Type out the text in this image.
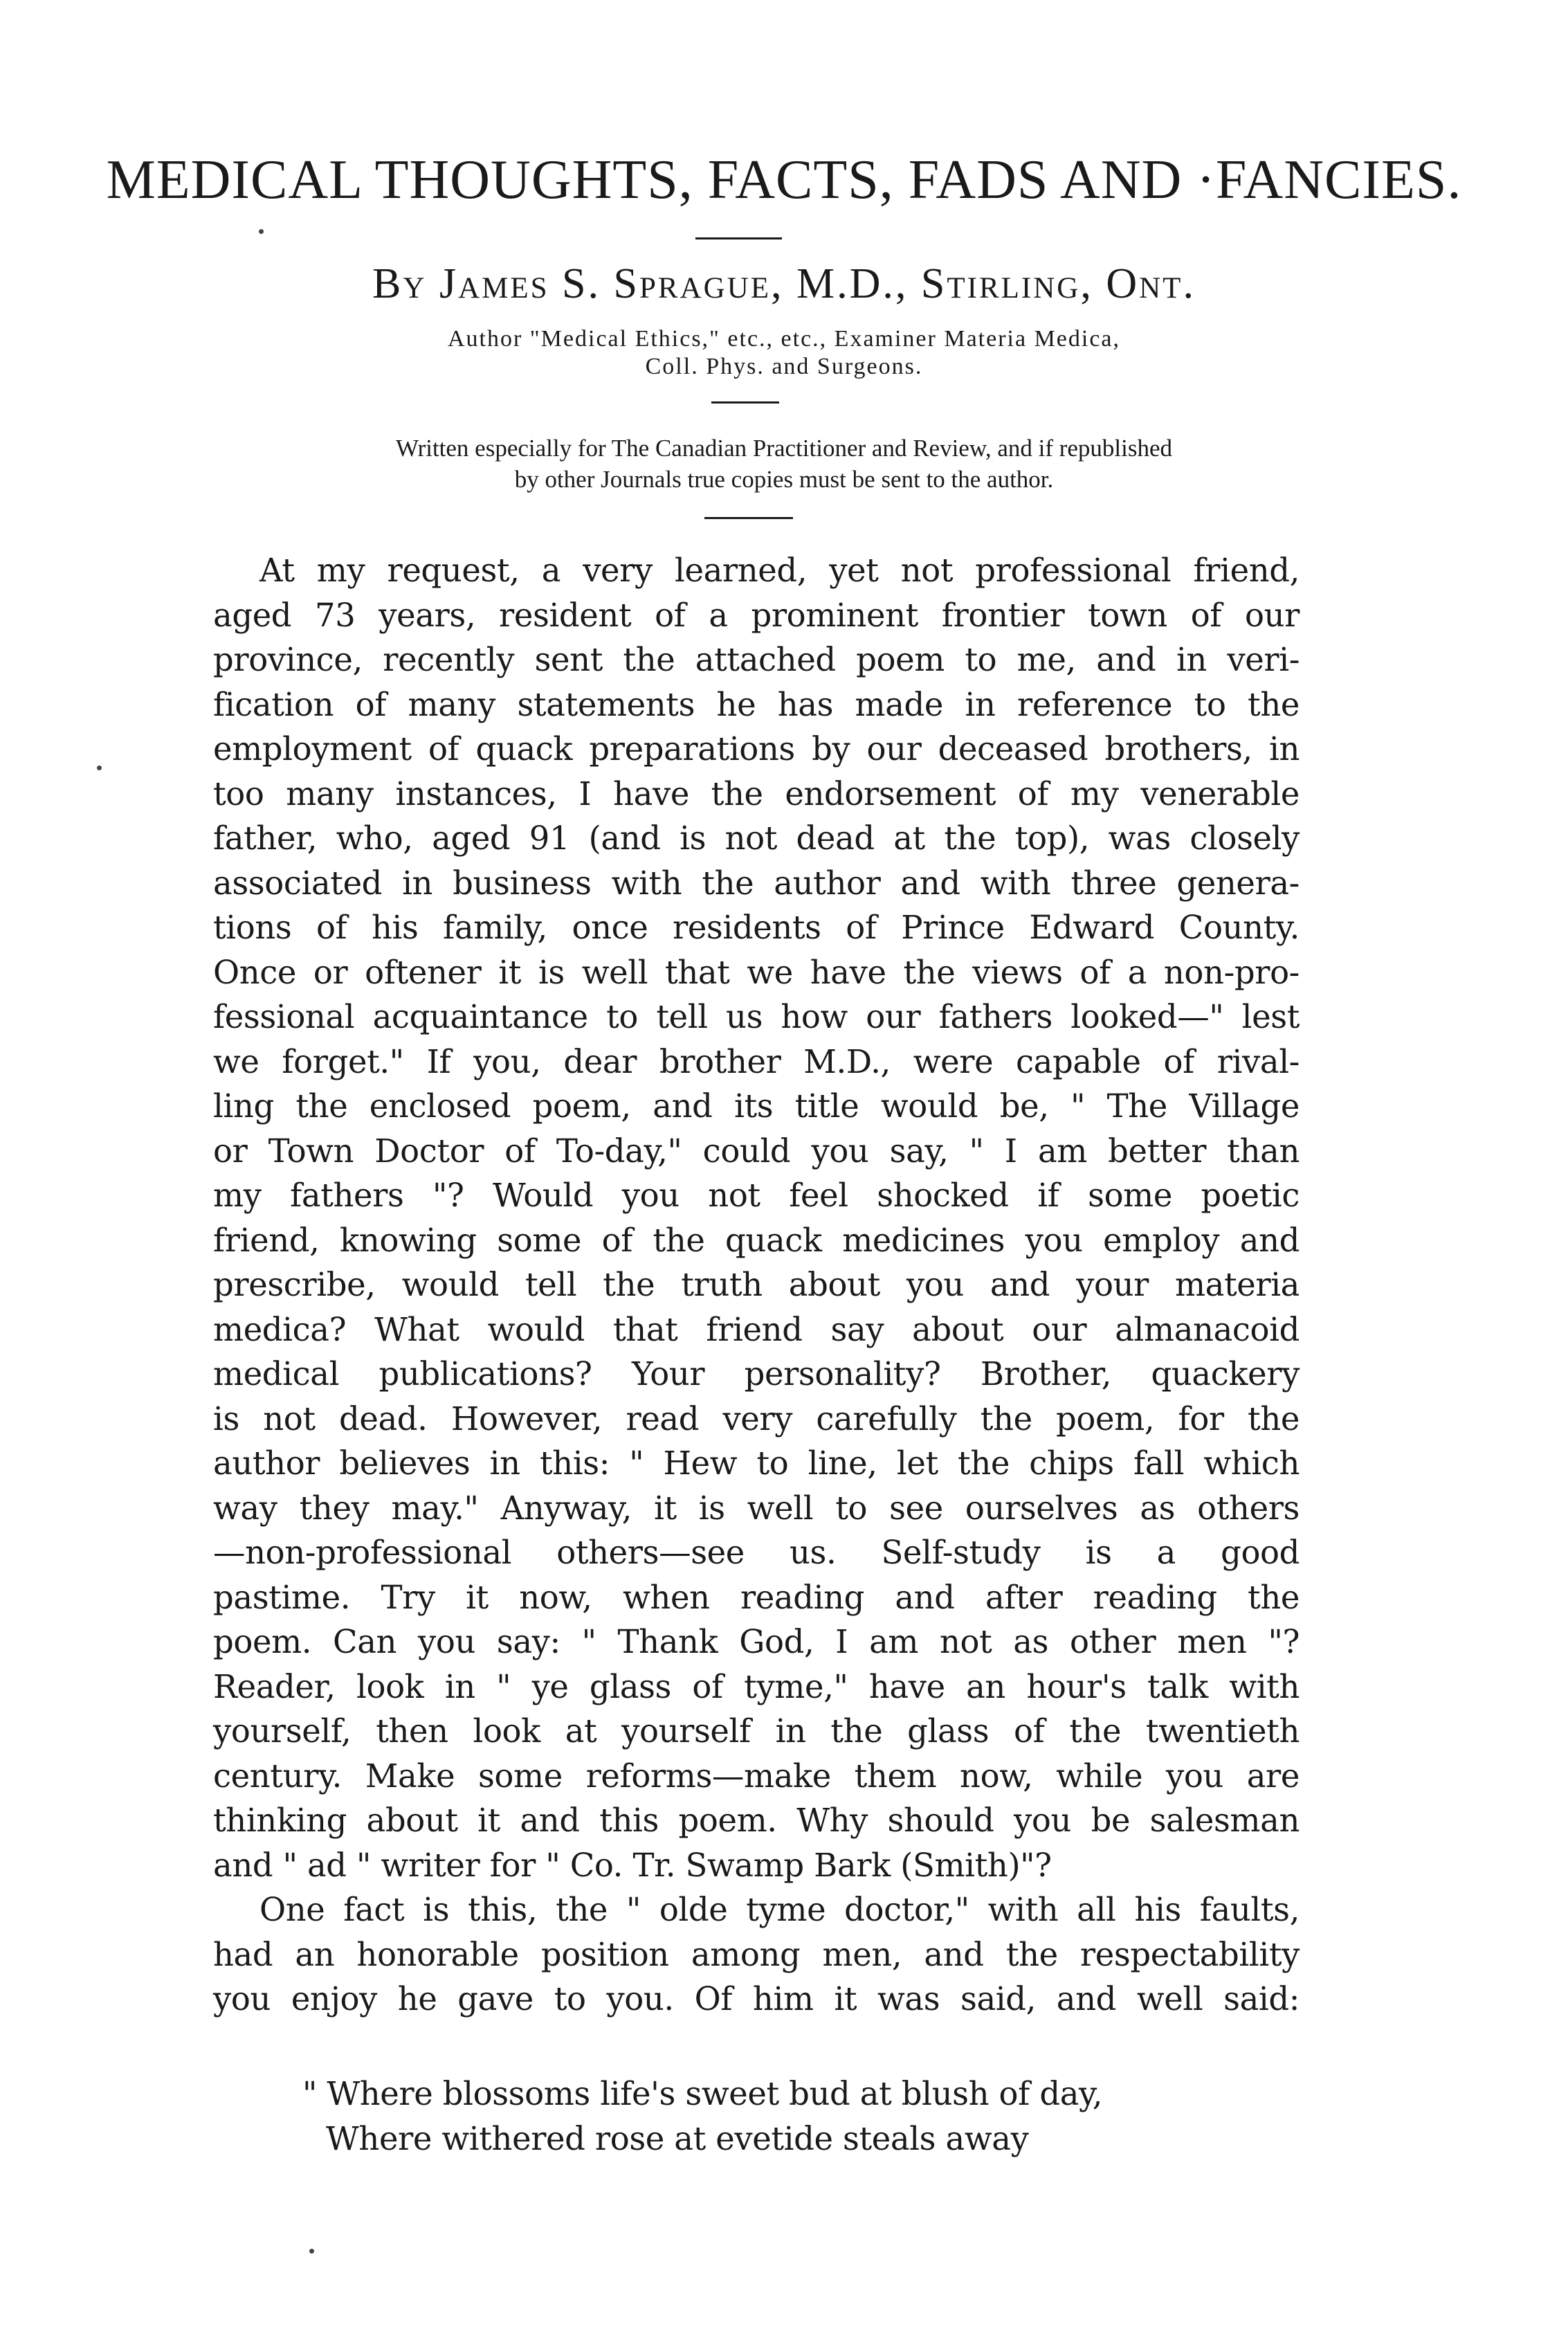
MEDICAL THOUGHTS, FACTS, FADS AND ·FANCIES.
By James S. Sprague, M.D., Stirling, Ont.
Author "Medical Ethics," etc., etc., Examiner Materia Medica,
Coll. Phys. and Surgeons.
Written especially for The Canadian Practitioner and Review, and if republished
by other Journals true copies must be sent to the author.
At my request, a very learned, yet not professional friend,
aged 73 years, resident of a prominent frontier town of our
province, recently sent the attached poem to me, and in veri-
fication of many statements he has made in reference to the
employment of quack preparations by our deceased brothers, in
too many instances, I have the endorsement of my venerable
father, who, aged 91 (and is not dead at the top), was closely
associated in business with the author and with three genera-
tions of his family, once residents of Prince Edward County.
Once or oftener it is well that we have the views of a non-pro-
fessional acquaintance to tell us how our fathers looked—" lest
we forget." If you, dear brother M.D., were capable of rival-
ling the enclosed poem, and its title would be, " The Village
or Town Doctor of To-day," could you say, " I am better than
my fathers "? Would you not feel shocked if some poetic
friend, knowing some of the quack medicines you employ and
prescribe, would tell the truth about you and your materia
medica? What would that friend say about our almanacoid
medical publications? Your personality? Brother, quackery
is not dead. However, read very carefully the poem, for the
author believes in this: " Hew to line, let the chips fall which
way they may." Anyway, it is well to see ourselves as others
—non-professional others—see us. Self-study is a good
pastime. Try it now, when reading and after reading the
poem. Can you say: " Thank God, I am not as other men "?
Reader, look in " ye glass of tyme," have an hour's talk with
yourself, then look at yourself in the glass of the twentieth
century. Make some reforms—make them now, while you are
thinking about it and this poem. Why should you be salesman
and " ad " writer for " Co. Tr. Swamp Bark (Smith)"?
One fact is this, the " olde tyme doctor," with all his faults,
had an honorable position among men, and the respectability
you enjoy he gave to you. Of him it was said, and well said:
" Where blossoms life's sweet bud at blush of day,
Where withered rose at evetide steals away
